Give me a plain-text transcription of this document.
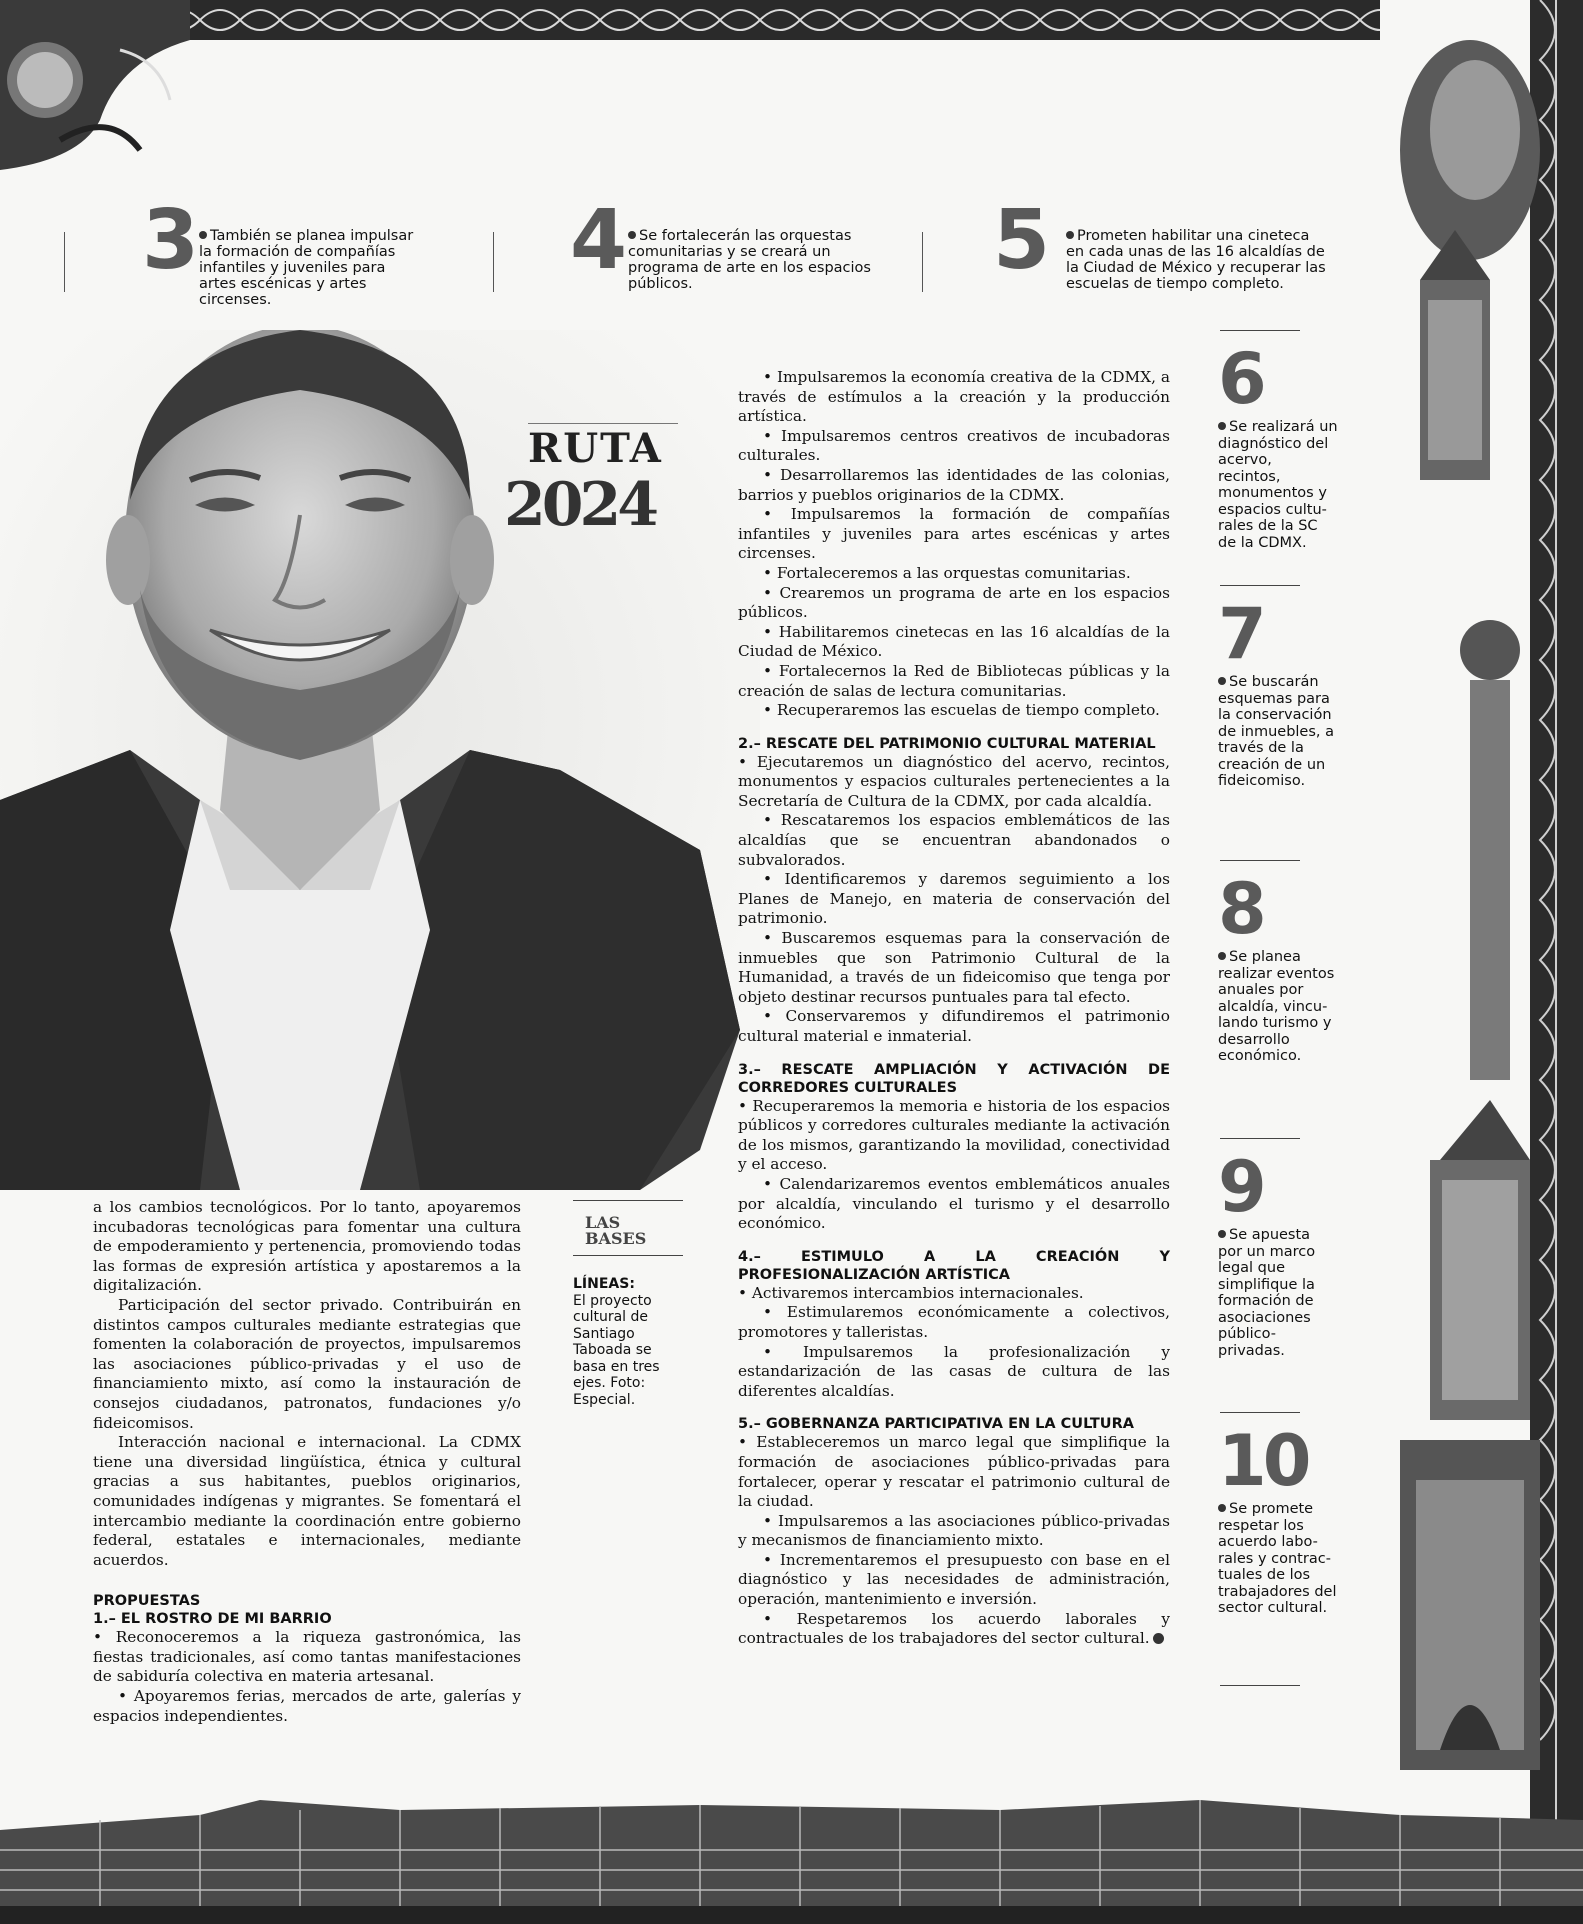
3 También se planea impulsar la formación de compañías infantiles y juveniles para artes escénicas y artes circenses.
4	Se fortalecerán las orquestas comunitarias y se creará un programa de arte en los espacios públicos.	5	Prometen habilitar una cineteca en cada unas de las 16 alcaldías de la Ciudad de México y recuperar las escuelas de tiempo completo.
RUTA
2024

a los cambios tecnológicos. Por lo tanto, apoyaremos incubadoras tecnológicas para fomentar una cultura de empoderamiento y pertenencia, promoviendo todas las formas de expresión artística y apostaremos a la digitalización.

Participación del sector privado. Contribuirán en distintos campos culturales mediante estrategias que fomenten la colaboración de proyectos, impulsaremos las asociaciones público-privadas y el uso de financiamiento mixto, así como la instauración de consejos ciudadanos, patronatos, fundaciones y/o fideicomisos.

Interacción nacional e internacional. La CDMX tiene una diversidad lingüística, étnica y cultural gracias a sus habitantes, pueblos originarios, comunidades indígenas y migrantes. Se fomentará el intercambio mediante la coordinación entre gobierno federal, estatales e internacionales, mediante acuerdos.

PROPUESTAS
1.– EL ROSTRO DE MI BARRIO

• Reconoceremos a la riqueza gastronómica, las fiestas tradicionales, así como tantas manifestaciones de sabiduría colectiva en materia artesanal.

• Apoyaremos ferias, mercados de arte, galerías y espacios independientes.

LAS BASES
LÍNEAS:
El proyecto cultural de Santiago Taboada se basa en tres ejes. Foto: Especial.

• Impulsaremos la economía creativa de la CDMX, a través de estímulos a la creación y la producción artística.

• Impulsaremos centros creativos de incubadoras culturales.

• Desarrollaremos las identidades de las colonias, barrios y pueblos originarios de la CDMX.

• Impulsaremos la formación de compañías infantiles y juveniles para artes escénicas y artes circenses.

• Fortaleceremos a las orquestas comunitarias.

• Crearemos un programa de arte en los espacios públicos.

• Habilitaremos cinetecas en las 16 alcaldías de la Ciudad de México.

• Fortalecernos la Red de Bibliotecas públicas y la creación de salas de lectura comunitarias.

• Recuperaremos las escuelas de tiempo completo.

2.– RESCATE DEL PATRIMONIO CULTURAL MATERIAL

• Ejecutaremos un diagnóstico del acervo, recintos, monumentos y espacios culturales pertenecientes a la Secretaría de Cultura de la CDMX, por cada alcaldía.

• Rescataremos los espacios emblemáticos de las alcaldías que se encuentran abandonados o subvalorados.

• Identificaremos y daremos seguimiento a los Planes de Manejo, en materia de conservación del patrimonio.

• Buscaremos esquemas para la conservación de inmuebles que son Patrimonio Cultural de la Humanidad, a través de un fideicomiso que tenga por objeto destinar recursos puntuales para tal efecto.

• Conservaremos y difundiremos el patrimonio cultural material e inmaterial.

3.– RESCATE AMPLIACIÓN Y ACTIVACIÓN DE CORREDORES CULTURALES

• Recuperaremos la memoria e historia de los espacios públicos y corredores culturales mediante la activación de los mismos, garantizando la movilidad, conectividad y el acceso.

• Calendarizaremos eventos emblemáticos anuales por alcaldía, vinculando el turismo y el desarrollo económico.

4.– ESTIMULO A LA CREACIÓN Y PROFESIONALIZACIÓN ARTÍSTICA

• Activaremos intercambios internacionales.

• Estimularemos económicamente a colectivos, promotores y talleristas.

• Impulsaremos la profesionalización y estandarización de las casas de cultura de las diferentes alcaldías.

5.– GOBERNANZA PARTICIPATIVA EN LA CULTURA

• Estableceremos un marco legal que simplifique la formación de asociaciones público-privadas para fortalecer, operar y rescatar el patrimonio cultural de la ciudad.

• Impulsaremos a las asociaciones público-privadas y mecanismos de financiamiento mixto.

• Incrementaremos el presupuesto con base en el diagnóstico y las necesidades de administración, operación, mantenimiento e inversión.

• Respetaremos los acuerdo laborales y contractuales de los trabajadores del sector cultural.

6
Se realizará un diagnóstico del acervo, recintos, monumentos y espacios cultu-rales de la SC de la CDMX.
7
Se buscarán esquemas para la conservación de inmuebles, a través de la creación de un fideicomiso.
8
Se planea realizar eventos anuales por alcaldía, vincu-lando turismo y desarrollo económico.
9
Se apuesta por un marco legal que simplifique la formación de asociaciones público-privadas.
10
Se promete respetar los acuerdo labo-rales y contrac-tuales de los trabajadores del sector cultural.
